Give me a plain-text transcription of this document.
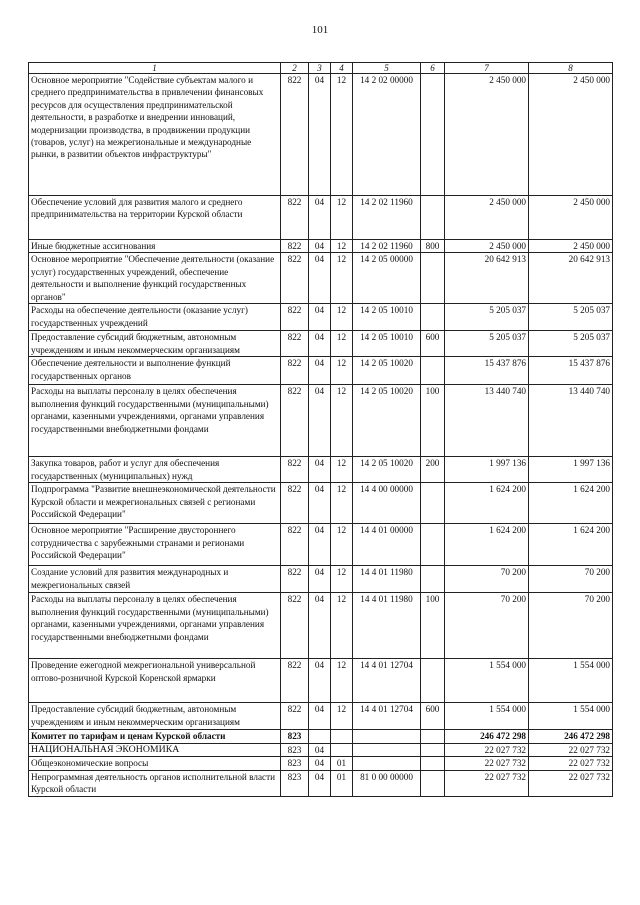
101
1	2	3	4	5	6	7	8
Основное мероприятие "Содействие субъектам малого и среднего предпринимательства в привлечении финансовых ресурсов для осуществления предпринимательской деятельности, в разработке и внедрении инноваций, модернизации производства, в продвижении продукции (товаров, услуг) на межрегиональные и международные рынки, в развитии объектов инфраструктуры"	822	04	12	14 2 02 00000		2 450 000	2 450 000
Обеспечение условий для развития малого и среднего предпринимательства на территории Курской области	822	04	12	14 2 02 11960		2 450 000	2 450 000
Иные бюджетные ассигнования	822	04	12	14 2 02 11960	800	2 450 000	2 450 000
Основное мероприятие "Обеспечение деятельности (оказание услуг) государственных учреждений, обеспечение деятельности и выполнение функций государственных органов"	822	04	12	14 2 05 00000		20 642 913	20 642 913
Расходы на обеспечение деятельности (оказание услуг) государственных учреждений	822	04	12	14 2 05 10010		5 205 037	5 205 037
Предоставление субсидий бюджетным, автономным учреждениям и иным некоммерческим организациям	822	04	12	14 2 05 10010	600	5 205 037	5 205 037
Обеспечение деятельности и выполнение функций государственных органов	822	04	12	14 2 05 10020		15 437 876	15 437 876
Расходы на выплаты персоналу в целях обеспечения выполнения функций государственными (муниципальными) органами, казенными учреждениями, органами управления государственными внебюджетными фондами	822	04	12	14 2 05 10020	100	13 440 740	13 440 740
Закупка товаров, работ и услуг для обеспечения государственных (муниципальных) нужд	822	04	12	14 2 05 10020	200	1 997 136	1 997 136
Подпрограмма "Развитие внешнеэкономической деятельности Курской области и межрегиональных связей с регионами Российской Федерации"	822	04	12	14 4 00 00000		1 624 200	1 624 200
Основное мероприятие "Расширение двустороннего сотрудничества с зарубежными странами и регионами Российской Федерации"	822	04	12	14 4 01 00000		1 624 200	1 624 200
Создание условий для развития международных и межрегиональных связей	822	04	12	14 4 01 11980		70 200	70 200
Расходы на выплаты персоналу в целях обеспечения выполнения функций государственными (муниципальными) органами, казенными учреждениями, органами управления государственными внебюджетными фондами	822	04	12	14 4 01 11980	100	70 200	70 200
Проведение ежегодной межрегиональной универсальной оптово-розничной Курской Коренской ярмарки	822	04	12	14 4 01 12704		1 554 000	1 554 000
Предоставление субсидий бюджетным, автономным учреждениям и иным некоммерческим организациям	822	04	12	14 4 01 12704	600	1 554 000	1 554 000
Комитет по тарифам и ценам Курской области	823					246 472 298	246 472 298
НАЦИОНАЛЬНАЯ ЭКОНОМИКА	823	04				22 027 732	22 027 732
Общеэкономические вопросы	823	04	01			22 027 732	22 027 732
Непрограммная деятельность органов исполнительной власти Курской области	823	04	01	81 0 00 00000		22 027 732	22 027 732
